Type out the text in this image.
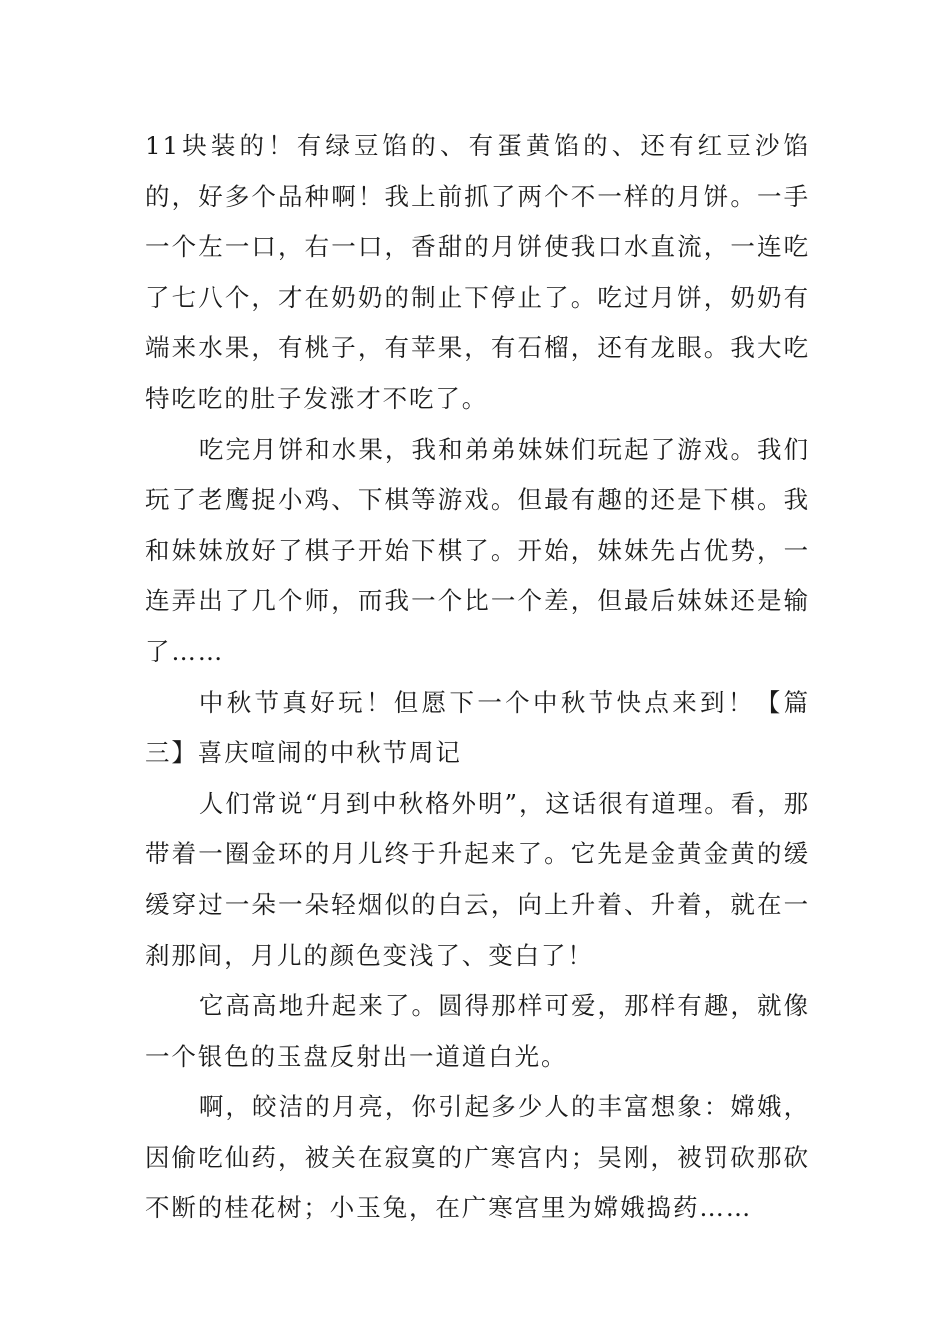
11块装的！有绿豆馅的、有蛋黄馅的、还有红豆沙馅的，好多个品种啊！我上前抓了两个不一样的月饼。一手一个左一口，右一口，香甜的月饼使我口水直流，一连吃了七八个，才在奶奶的制止下停止了。吃过月饼，奶奶有端来水果，有桃子，有苹果，有石榴，还有龙眼。我大吃特吃吃的肚子发涨才不吃了。

吃完月饼和水果，我和弟弟妹妹们玩起了游戏。我们玩了老鹰捉小鸡、下棋等游戏。但最有趣的还是下棋。我和妹妹放好了棋子开始下棋了。开始，妹妹先占优势，一连弄出了几个师，而我一个比一个差，但最后妹妹还是输了……

中秋节真好玩！但愿下一个中秋节快点来到！【篇三】喜庆喧闹的中秋节周记

人们常说“月到中秋格外明”，这话很有道理。看，那带着一圈金环的月儿终于升起来了。它先是金黄金黄的缓缓穿过一朵一朵轻烟似的白云，向上升着、升着，就在一刹那间，月儿的颜色变浅了、变白了！

它高高地升起来了。圆得那样可爱，那样有趣，就像一个银色的玉盘反射出一道道白光。

啊，皎洁的月亮，你引起多少人的丰富想象：嫦娥，因偷吃仙药，被关在寂寞的广寒宫内；吴刚，被罚砍那砍不断的桂花树；小玉兔，在广寒宫里为嫦娥捣药……
